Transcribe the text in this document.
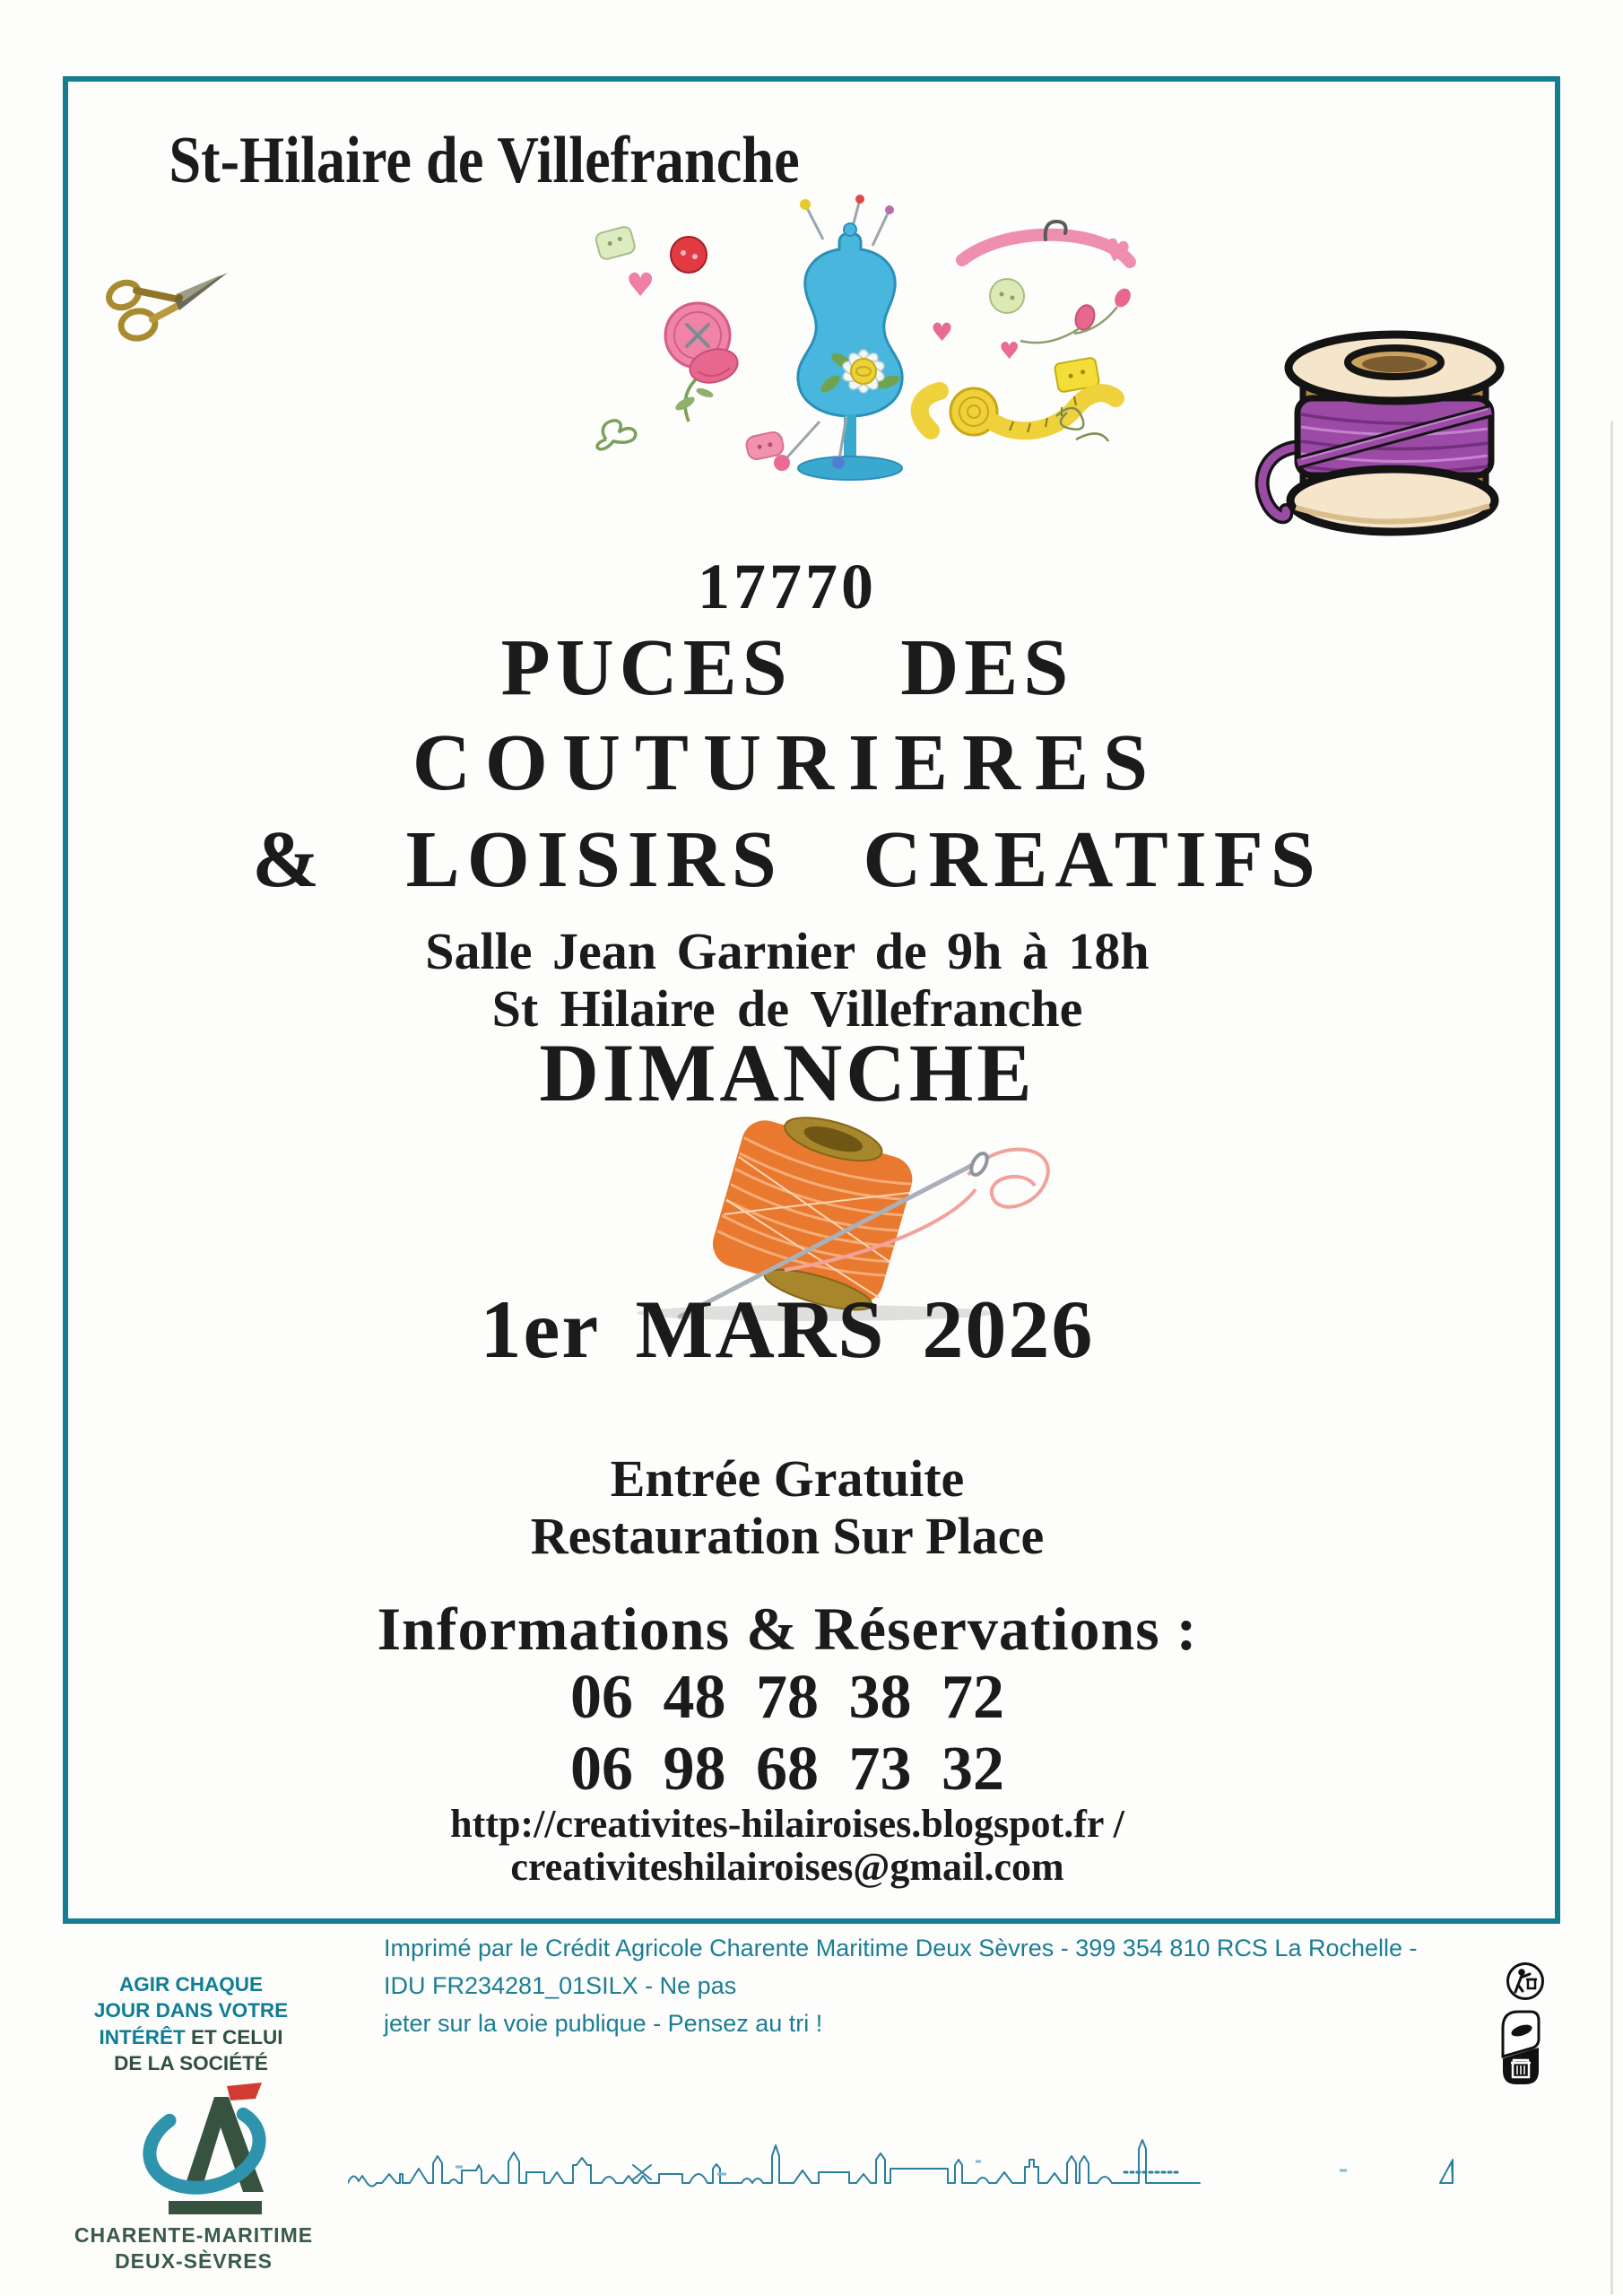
St-Hilaire de Villefranche
♥
♥
♥
♥
17770
PUCES DES
COUTURIERES
& LOISIRS CREATIFS
Salle Jean Garnier de 9h à 18h
St Hilaire de Villefranche
DIMANCHE
1er MARS 2026
Entrée Gratuite
Restauration Sur Place
Informations & Réservations :
06 48 78 38 72
06 98 68 73 32
http://creativites-hilairoises.blogspot.fr /
creativiteshilairoises@gmail.com
Imprimé par le Crédit Agricole Charente Maritime Deux Sèvres - 399 354 810 RCS La Rochelle - IDU FR234281_01SILX - Ne pas
jeter sur la voie publique - Pensez au tri !
AGIR CHAQUE
JOUR DANS VOTRE
INTÉRÊT ET CELUI
DE LA SOCIÉTÉ
CHARENTE-MARITIME
DEUX-SÈVRES
